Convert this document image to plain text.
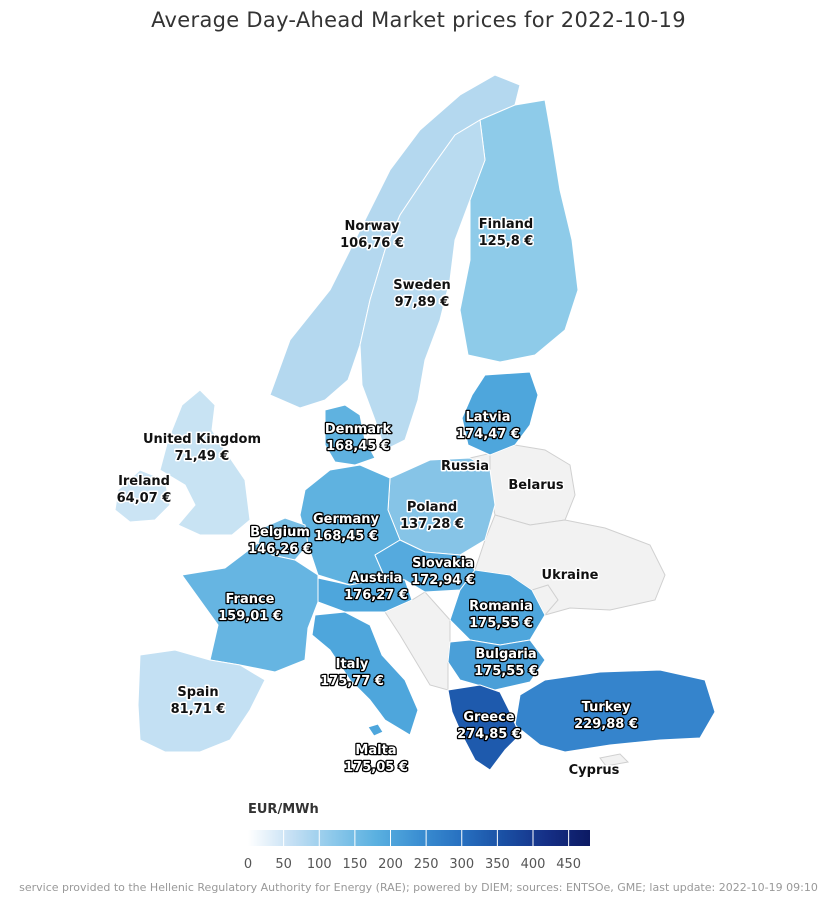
Average Day-Ahead Market prices for 2022-10-19
Norway
106,76 €
Finland
125,8 €
Sweden
97,89 €
United Kingdom
71,49 €
Ireland
64,07 €
Denmark
168,45 €
Latvia
174,47 €
Poland
137,28 €
Germany
168,45 €
Belgium
146,26 €
Slovakia
172,94 €
Austria
176,27 €
France
159,01 €
Romania
175,55 €
Bulgaria
175,55 €
Italy
175,77 €
Spain
81,71 €	Turkey
229,88 €
Greece
274,85 €
Malta
175,05 €
Russia
Belarus
Ukraine
Cyprus
EUR/MWh
0 50 100 150 200 250 300 350 400 450
service provided to the Hellenic Regulatory Authority for Energy (RAE); powered by DIEM; sources: ENTSOe, GME; last update: 2022-10-19 09:10
